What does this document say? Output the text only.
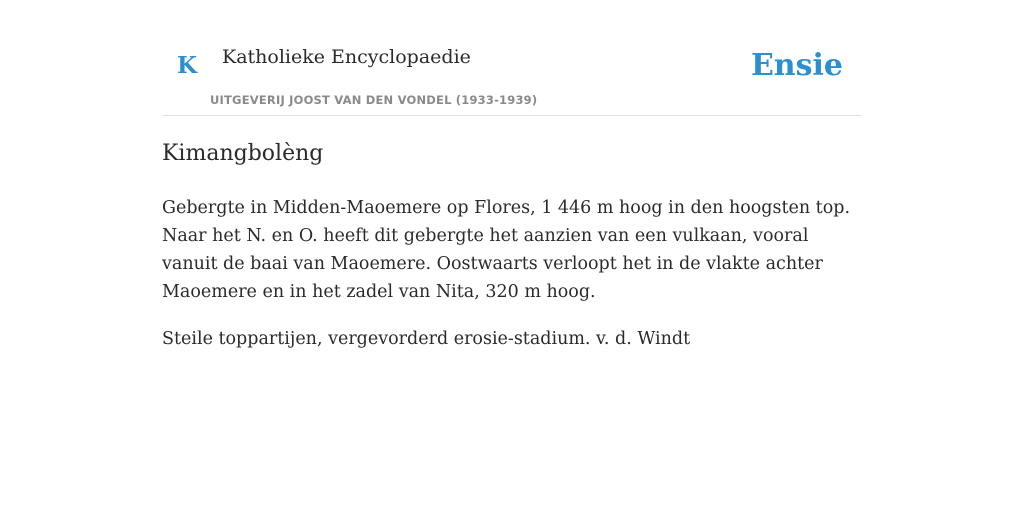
K Katholieke Encyclopaedie
UITGEVERIJ JOOST VAN DEN VONDEL (1933-1939)
Ensie
Kimangbolèng

Gebergte in Midden-Maoemere op Flores, 1 446 m hoog in den hoogsten top. Naar het N. en O. heeft dit gebergte het aanzien van een vulkaan, vooral vanuit de baai van Maoemere. Oostwaarts verloopt het in de vlakte achter Maoemere en in het zadel van Nita, 320 m hoog.

Steile toppartijen, vergevorderd erosie-stadium. v. d. Windt
